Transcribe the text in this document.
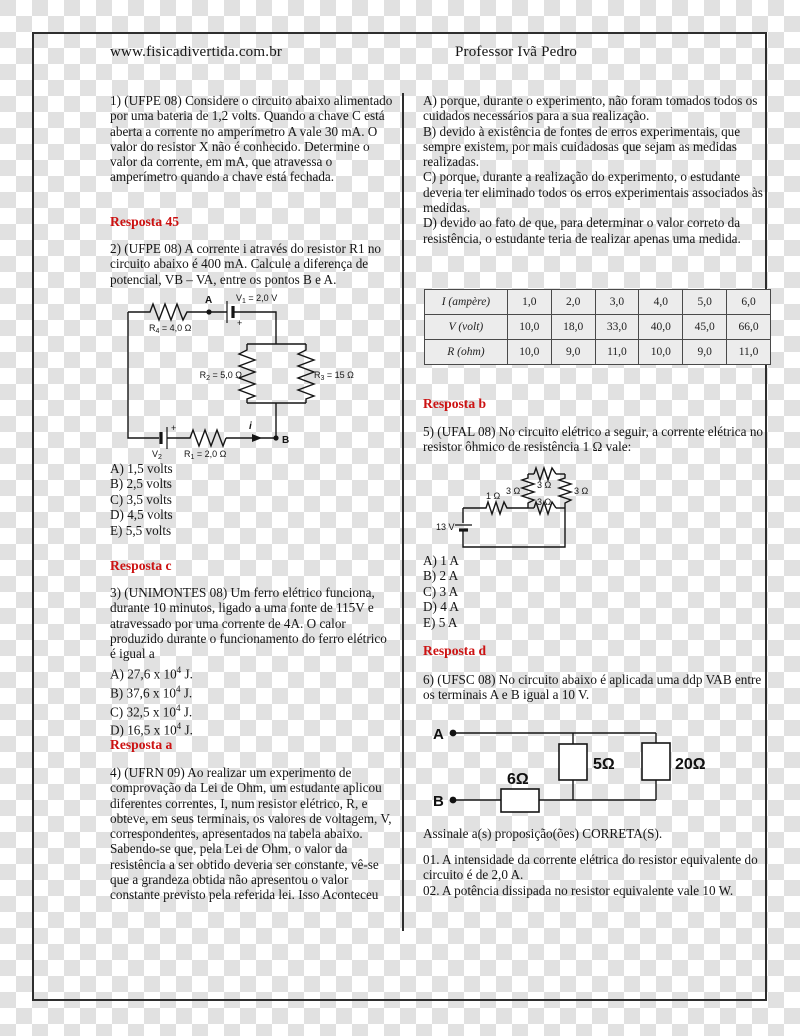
www.fisicadivertida.com.br	Professor Ivã Pedro
1) (UFPE 08) Considere o circuito abaixo alimentado por uma bateria de 1,2 volts. Quando a chave C está aberta a corrente no amperímetro A vale 30 mA. O valor do resistor X não é conhecido. Determine o valor da corrente, em mA, que atravessa o amperímetro quando a chave está fechada.
Resposta 45
2) (UFPE 08) A corrente i através do resistor R1 no circuito abaixo é 400 mA. Calcule a diferença de potencial, VB – VA, entre os pontos B e A.
$R_4 = 4,0$ Ω
A	$V_1 = 2,0$ V
+
$R_2 = 5,0$ Ω	$R_3 = 15$ Ω
+
$V_2$ $R_1 = 2,0$ Ω
i
B
A) 1,5 volts
B) 2,5 volts
C) 3,5 volts
D) 4,5 volts
E) 5,5 volts
Resposta c
3) (UNIMONTES 08) Um ferro elétrico funciona, durante 10 minutos, ligado a uma fonte de 115V e atravessado por uma corrente de 4A. O calor produzido durante o funcionamento do ferro elétrico é igual a
A) 27,6 x $10^4$ J.
B) 37,6 x $10^4$ J.
C) 32,5 x $10^4$ J.
D) 16,5 x $10^4$ J.
Resposta a
4) (UFRN 09) Ao realizar um experimento de comprovação da Lei de Ohm, um estudante aplicou diferentes correntes, I, num resistor elétrico, R, e obteve, em seus terminais, os valores de voltagem, V, correspondentes, apresentados na tabela abaixo.
Sabendo-se que, pela Lei de Ohm, o valor da resistência a ser obtido deveria ser constante, vê-se que a grandeza obtida não apresentou o valor constante previsto pela referida lei. Isso Aconteceu
A) porque, durante o experimento, não foram tomados todos os cuidados necessários para a sua realização.
B) devido à existência de fontes de erros experimentais, que sempre existem, por mais cuidadosas que sejam as medidas realizadas.
C) porque, durante a realização do experimento, o estudante deveria ter eliminado todos os erros experimentais associados às medidas.
D) devido ao fato de que, para determinar o valor correto da resistência, o estudante teria de realizar apenas uma medida.
I (ampère)	1,0	2,0	3,0	4,0	5,0	6,0
V (volt)	10,0	18,0	33,0	40,0	45,0	66,0
R (ohm)	10,0	9,0	11,0	10,0	9,0	11,0
Resposta b
5) (UFAL 08) No circuito elétrico a seguir, a corrente elétrica no resistor ôhmico de resistência 1 Ω vale:
13 V
1 Ω
3 Ω
3 Ω
3 Ω
3 Ω
A) 1 A
B) 2 A
C) 3 A
D) 4 A
E) 5 A
Resposta d
6) (UFSC 08) No circuito abaixo é aplicada uma ddp VAB entre os terminais A e B igual a 10 V.
A
B
6Ω
5Ω	20Ω
Assinale a(s) proposição(ões) CORRETA(S).
01. A intensidade da corrente elétrica do resistor equivalente do circuito é de 2,0 A.
02. A potência dissipada no resistor equivalente vale 10 W.
